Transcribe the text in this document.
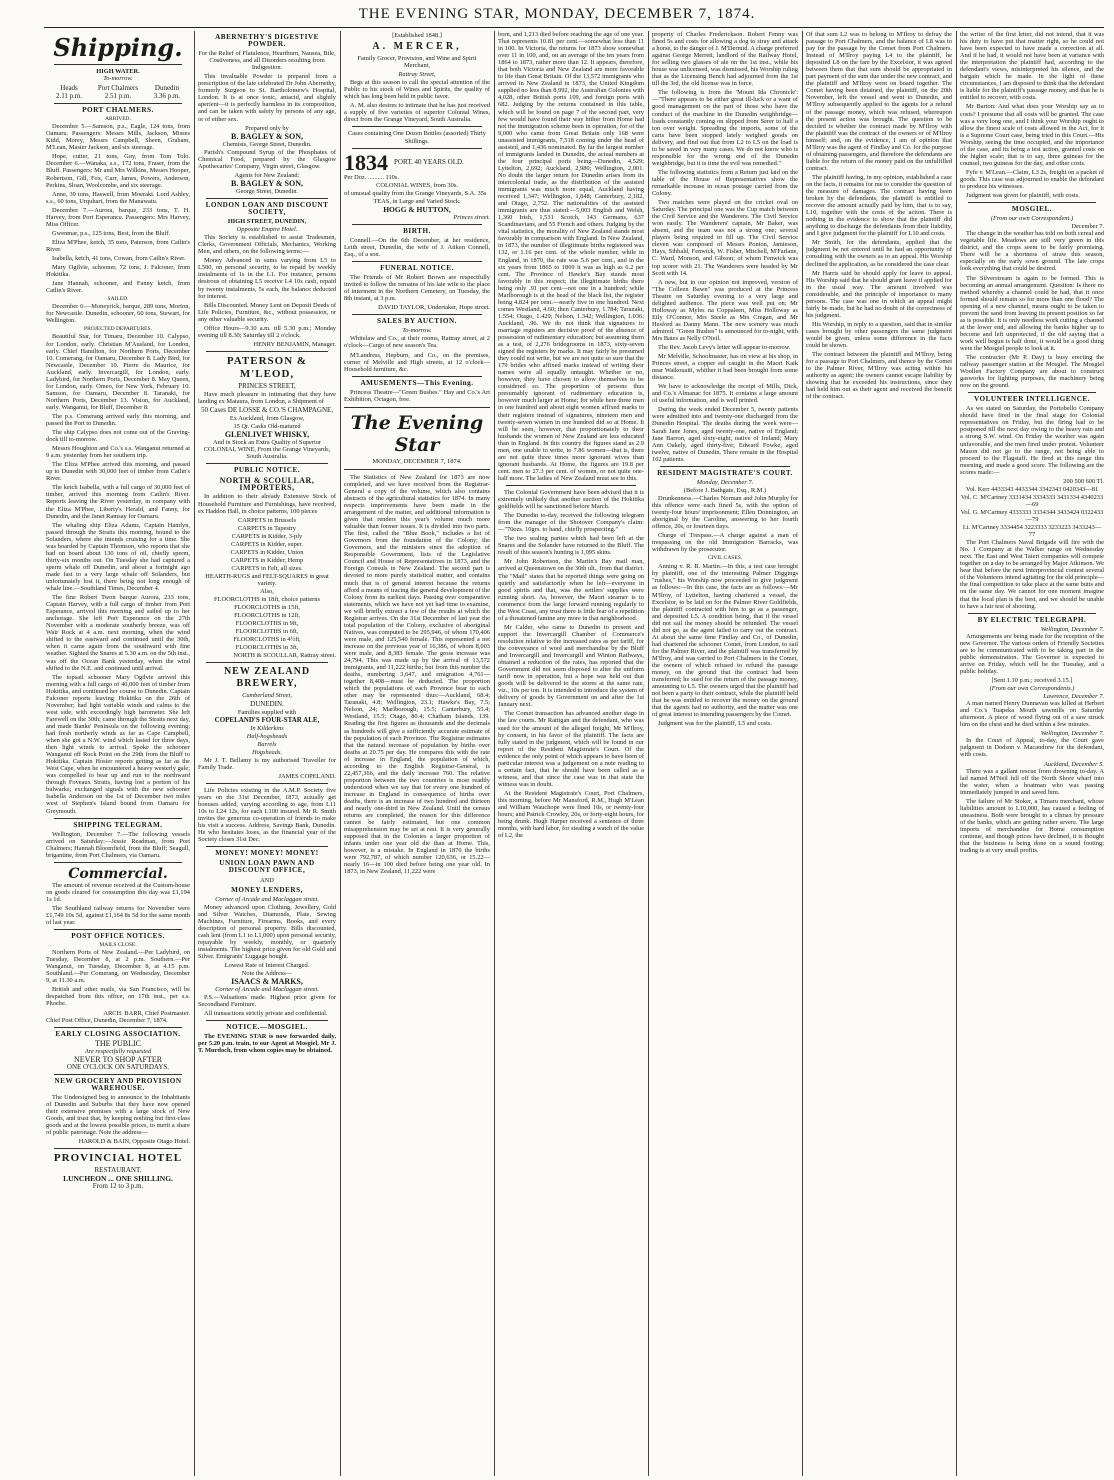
THE EVENING STAR, MONDAY, DECEMBER 7, 1874.
Shipping.
HIGH WATER.
To-morrow.
Heads
2.11 p.m.
Port Chalmers
2.51 p.m.
Dunedin
3.36 p.m.
PORT CHALMERS.
ARRIVED.

December 5.—Samson, p.s., Eagle, 124 tons, from Oamaru. Passengers: Messrs Mills, Jackson, Misses Kidd, Morey, Messrs Campbell, Sheen, Graham, M'Lean, Master Jackson, and six steerage.

Hope, cutter, 21 tons, Guy, from Tom Tolo. December 6.—Wanaka, s.s., 172 tons, Fraser, from the Bluff. Passengers: Mr and Mrs Wilkins, Messrs Hooper, Robertson, Gill, Fox, Carr, James, Powers, Anderson, Perkins, Sloan, Woolcombe, and six steerage.

Anne, 39 tons, Haswell, from Moeraki. Lord Ashley, s.s., 60 tons, Urquhart, from the Manawatu.

December 7.—Aurora, barque, 233 tons, T. H. Harvey, from Port Esperance. Passengers: Mrs Harvey, Miss Officer.

Gwenmar, p.s., 125 tons, Best, from the Bluff.

Eliza M'Phee, ketch, 35 tons, Paterson, from Catlin's River.

Isabella, ketch, 41 tons, Cowan, from Catlin's River.

Mary Ogilvie, schooner, 72 tons, J. Falconer, from Hokitika.

Jane Hannah, schooner, and Fanny ketch, from Catlin's River.

SAILED.

December 6.—Moneyrick, barque, 289 tons, Morton, for Newcastle. Dunedin, schooner, 60 tons, Stewart, for Wellington.

PROJECTED DEPARTURES.

Beautiful Star, for Timaru, December 10. Calypso, for London, early. Christian M'Ausland, for London, early. Chief Hamilton, for Northern Ports, December 10. Comerang, for Oamaru, December 8. Lady Bird, for Newcastle, December 10. Pierre du Maurice, for Auckland, early. Invercargill, for London, early. Ladybird, for Northern Ports, December 8. May Queen, for London, early. Omeo, for New York, February 10. Samson, for Oamaru, December 8. Taranaki, for Northern Ports, December 13. Vision, for Auckland, early. Wanganui, for Bluff, December 8.

The p.s. Comerang arrived early this morning, and passed the Port to Dunedin.

The ship Calypso does not come out of the Graving-dock till to-morrow.

Messrs Houghton and Co.'s s.s. Wanganui returned at 9 a.m. yesterday from her southern trip.

The Eliza M'Phee arrived this morning, and passed up to Dunedin with 30,000 feet of timber from Catlin's River.

The ketch Isabella, with a full cargo of 30,000 feet of timber, arrived this morning from Catlin's River. Reports leaving the River yesterday, in company with the Eliza M'Phee, Liberty's Herald, and Fanny, for Dunedin, and the Janet Ramsay for Oamaru.

The whaling ship Eliza Adams, Captain Hamlyn, passed through the Straits this morning, bound to the Solanders, where she intends cruising for a time. She was boarded by Captain Thomson, who reports that she had on board about 130 tons of oil, chiefly sperm, thirty-six months out. On Tuesday she had captured a sperm whale off Dunedin, and about a fortnight ago made fast to a very large whale off Solanders, but unfortunately lost it, there being not long enough of whale line.—Southland Times, December 4.

The fine Robert Twon barque Aurora, 233 tons, Captain Harvey, with a full cargo of timber from Port Esperance, arrived this morning and sailed up to her anchorage. She left Port Esperance on the 27th November with a moderate southerly breeze, was off Wair Rock at 4 a.m. next morning, when the wind shifted to the eastward and continued until the 30th, when it came again from the southward with fine weather. Sighted the Snares at 5.30 a.m. on the 5th inst., was off the Ocean Bank yesterday, when the wind shifted to the N.E. and continued until arrival.

The topsail schooner Mary Ogilvie arrived this morning with a full cargo of 40,000 feet of timber from Hokitika, and continued her course to Dunedin. Captain Falconer reports leaving Hokitika on the 26th of November; had light variable winds and calms to the west side, with exceedingly high barometer. She left Farewell on the 30th; came through the Straits next day, and made Banks' Peninsula on the following evening; had fresh northerly winds as far as Cape Campbell, when she got a N.W. wind which lasted for three days, then light winds to arrival. Spoke the schooner Wanganui off Rock Point on the 29th from the Bluff to Hokitika. Captain Hosier reports getting as far as the West Cape, when he encountered a heavy westerly gale; was compelled to bear up and run to the northward through Foveaux Straits, having lost a portion of his bulwarks; exchanged signals with the new schooner Isabella Anderson on the 1st of December two miles west of Stephen's Island bound from Oamaru for Greymouth.

SHIPPING TELEGRAM.

Wellington, December 7.—The following vessels arrived on Saturday:—Jessie Readman, from Port Chalmers; Hannah Bloomfield, from the Bluff; Seagull, brigantine, from Port Chalmers, via Oamaru.

Commercial.

The amount of revenue received at the Custom-house on goods cleared for consumption this day was £1,194 1s 1d.

The Southland railway returns for November were £1,749 10s 5d, against £1,164 8s 5d for the same month of last year.

POST OFFICE NOTICES.
MAILS CLOSE.

Northern Ports of New Zealand.—Per Ladybird, on Tuesday, December 8, at 2 p.m. Southern.—Per Wanganui, on Tuesday, December 8, at 4.15 p.m. Southland.—Per Comerang, on Wednesday, December 9, at 11.30 a.m.

British and other mails, via San Francisco, will be despatched from this office, on 17th inst., per s.s. Phoebe.

ARCH. BARR, Chief Postmaster.
Chief Post Office, Dunedin, December 7, 1874.
EARLY CLOSING ASSOCIATION.
THE PUBLIC
Are respectfully requested
NEVER TO SHOP AFTER
ONE O'CLOCK ON SATURDAYS.
NEW GROCERY AND PROVISION WAREHOUSE.

The Undersigned beg to announce to the Inhabitants of Dunedin and Suburbs that they have now opened their extensive premises with a large stock of New Goods, and trust that, by keeping nothing but first-class goods and at the lowest possible prices, to merit a share of public patronage. Note the address—

HAROLD & BAIN, Opposite Otago Hotel.
PROVINCIAL HOTEL
RESTAURANT.
LUNCHEON ... ONE SHILLING.
From 12 to 3 p.m.
ABERNETHY'S DIGESTIVE POWDER.

For the Relief of Flatulence, Heartburn, Nausea, Bile, Costiveness, and all Disorders resulting from Indigestion.

This invaluable Powder is prepared from a prescription of the late celebrated Dr John Abernethy, formerly Surgeon to St. Bartholomew's Hospital, London. It is at once tonic, antacid, and slightly aperient—it is perfectly harmless in its composition, and can be taken with safety by persons of any age, or of either sex.

Prepared only by
B. BAGLEY & SON,
Chemists, George Street, Dunedin.

Parish's Compound Syrup of the Phosphates of Chemical Food, prepared by the Glasgow Apothecaries' Company, Virgin street, Glasgow.

Agents for New Zealand:
B. BAGLEY & SON,
George Street, Dunedin.
LONDON LOAN AND DISCOUNT SOCIETY,
HIGH STREET, DUNEDIN,
Opposite Empire Hotel.

This Society is established to assist Tradesmen, Clerks, Government Officials, Mechanics, Working Men, and others, on the following terms:—

Money Advanced in sums varying from L5 to L500, on personal security, to be repaid by weekly instalments of 1s in the L1. For instance, persons desirous of obtaining L5 receive L4 10s cash, repaid by twenty instalments, 5s each, the balance deducted for interest.

Bills Discounted. Money Lent on Deposit Deeds of Life Policies, Furniture, &c., without possession, or any other valuable security.

Office Hours—9.30 a.m. till 5.30 p.m.; Monday evening till 8.30; Saturday till 2 o'clock.

HENRY BENJAMIN, Manager.
PATERSON & M'LEOD,
PRINCES STREET,

Have much pleasure in intimating that they have landing ex Mataura, from London, a Shipment of

50 Cases DE LOSSE & CO.'S CHAMPAGNE,
Ex Auckland, from Glasgow,
15 Qr. Casks Old-matured
GLENLIVET WHISKY,

And in Stock an Extra Quality of Superior COLONIAL WINE, From the Grange Vineyards, South Australia.

PUBLIC NOTICE.
NORTH & SCOULLAR, IMPORTERS,

In addition to their already Extensive Stock of Household Furniture and Furnishings, have received, ex Haddon Hall, in choice patterns, 100 pieces

CARPETS in Brussels
CARPETS in Tapestry
CARPETS in Kidder, 3-ply
CARPETS in Kidder, super.
CARPETS in Kidder, Union
CARPETS in Kidder, Hemp
CARPETS in Felt, all sizes.
HEARTH-RUGS and FELT-SQUARES in great variety.
Also,
FLOORCLOTHS in 18ft, choice patterns
FLOORCLOTHS in 15ft,
FLOORCLOTHS in 12ft,
FLOORCLOTHS in 9ft,
FLOORCLOTHS in 6ft,
FLOORCLOTHS in 4½ft,
FLOORCLOTHS in 3ft,
NORTH & SCOULLAR, Rattray street.
NEW ZEALAND BREWERY,
Cumberland Street,
DUNEDIN.
Families supplied with
COPELAND'S FOUR-STAR ALE,
In Kilderkins
Half-hogsheads
Barrels
Hogsheads.

Mr J. T. Bellamy is my authorised Traveller for Family Trade.

JAMES COPELAND.

Life Policies existing in the A.M.P. Society five years on the 31st December, 1873, actually get bonuses added, varying according to age, from L11 10s to L24 12s, for each L100 insured. Mr R. Smith invites the generous co-operation of friends to make his visit a success. Address, Savings Bank, Dunedin. He who hesitates loses, as the financial year of the Society closes 31st Dec.

MONEY! MONEY! MONEY!
UNION LOAN PAWN AND DISCOUNT OFFICE,
AND
MONEY LENDERS,
Corner of Arcade and Maclaggan street.

Money advanced upon Clothing, Jewellery, Gold and Silver Watches, Diamonds, Plate, Sewing Machines, Furniture, Firearms, Books, and every description of personal property. Bills discounted, cash lent (from L1 to L1,000) upon personal security, repayable by weekly, monthly, or quarterly instalments. The highest price given for old Gold and Silver. Emigrants' Luggage bought.

Lowest Rate of Interest Charged.
Note the Address—
ISAACS & MARKS,
Corner of Arcade and Maclaggan street.

P.S.—Valuations made. Highest price given for Secondhand Furniture.

All transactions strictly private and confidential.

NOTICE.—MOSGIEL.

The EVENING STAR is now forwarded daily, per 5.20 p.m. train, to our Agent at Mosgiel, Mr J. T. Murdoch, from whom copies may be obtained.

[Established 1848.]
A. MERCER,

Family Grocer, Provision, and Wine and Spirit Merchant,

Rattray Street,

Begs at this season to call the special attention of the Public to his stock of Wines and Spirits, the quality of which has long been held in public favor.

A. M. also desires to intimate that he has just received a supply of five varieties of superior Colonial Wines, direct from the Grange Vineyard, South Australia.

Cases containing One Dozen Bottles (assorted) Thirty Shillings.

1834 PORT. 40 YEARS OLD.
Per Doz. .......... 110s.
COLONIAL WINES, from 30s.
of unusual quality from the Grange Vineyards, S.A. 35s
TEAS, in Large and Varied Stock.
HOGG & HUTTON,
Princes street.
BIRTH.

Connell.—On the 6th December, at her residence, Leith street, Dunedin, the wife of J. Aitken Connell, Esq., of a son.

FUNERAL NOTICE.

The Friends of Mr Robert Brown are respectfully invited to follow the remains of his late wife to the place of interment in the Northern Cemetery, on Tuesday, the 8th instant, at 3 p.m.

DAVID TAYLOR, Undertaker, Hope street.
SALES BY AUCTION.
To-morrow.

Whitelaw and Co., at their rooms, Rattray street, at 2 o'clock—Cargo of new season's Tea.

M'Landress, Hepburn, and Co., on the premises, corner of Melville and High streets, at 12 o'clock—Household furniture, &c.

AMUSEMENTS—This Evening.

Princess Theatre—"Green Bushes." Hay and Co.'s Art Exhibition, Octagon, free.

The Evening Star
MONDAY, DECEMBER 7, 1874.

The Statistics of New Zealand for 1873 are now completed, and we have received from the Registrar-General a copy of the volume, which also contains abstracts of the agricultural statistics for 1874. In many respects improvements have been made in the arrangement of the matter, and additional information is given that renders this year's volume much more valuable than former issues. It is divided into two parts. The first, called the "Blue Book," includes a list of Governors from the foundation of the Colony; the Governors, and the ministers since the adoption of Responsible Government, lists of the Legislative Council and House of Representatives in 1873, and the Foreign Consuls in New Zealand. The second part is devoted to more purely statistical matter, and contains much that is of general interest because the returns afford a means of tracing the general development of the Colony from its earliest days. Passing over comparative statements, which we have not yet had time to examine, we will briefly extract a few of the results at which the Registrar arrives. On the 31st December of last year the total population of the Colony, exclusive of aboriginal Natives, was computed to be 295,946, of whom 170,406 were male, and 125,540 female. This represented a net increase on the previous year of 16,386, of whom 8,003 were male, and 8,383 female. The gross increase was 24,794. This was made up by the arrival of 13,572 immigrants, and 11,222 births; but from this number the deaths, numbering 3,647, and emigration 4,761—together 8,408—must be deducted. The proportion which the populations of each Province bear to each other may be represented thus:—Auckland, 68.4; Taranaki, 4.8; Wellington, 23.1; Hawke's Bay, 7.5; Nelson, 24; Marlborough, 15.5; Canterbury, 55.4; Westland, 15.5; Otago, 80.4; Chatham Islands, 139. Reading the first figures as thousands and the decimals as hundreds will give a sufficiently accurate estimate of the population of each Province. The Registrar estimates that the natural increase of population by births over deaths at 20.75 per day. He compares this with the rate of increase in England, the population of which, according to the English Registrar-General, is 22,457,366, and the daily increase 760. The relative proportion between the two countries is most readily understood when we say that for every one hundred of increase in England in consequence of births over deaths, there is an increase of two hundred and thirteen and nearly one-third in New Zealand. Until the census returns are completed, the reason for this difference cannot be fairly estimated, but one common misapprehension may be set at rest. It is very generally supposed that in the Colonies a larger proportion of infants under one year old die than at Home. This, however, is a mistake. In England in 1870 the births were 792,787, of which number 120,636, or 15.22—nearly 16—in 100 died before being one year old. In 1873, in New Zealand, 11,222 were

born, and 1,213 died before reaching the age of one year. That represents 10.81 per cent.—somewhat less than 11 in 100. In Victoria, the returns for 1873 show somewhat over 11 in 100, and, on an average of the ten years from 1864 to 1873, rather more than 12. It appears, therefore, that both Victoria and New Zealand are more favorable to life than Great Britain. Of the 13,572 immigrants who arrived in New Zealand in 1873, the United Kingdom supplied no less than 8,992, the Australian Colonies with 4,028, other British ports 109, and foreign ports with 682. Judging by the returns contained in this table, which will be found on page 7 of the second part, very few would have found their way hither from Home had not the immigration scheme been in operation, for of the 9,000 who came from Great Britain only 168 were unassisted immigrants, 7,518 coming under the head of assisted, and 1,436 nominated. By far the largest number of immigrants landed in Dunedin, the actual numbers at the four principal ports being—Dunedin, 4,529; Lyttelton, 2,692; Auckland, 2,980; Wellington, 2,001. No doubt the larger return for Dunedin arises from its intercolonial trade, as the distribution of the assisted immigrants was much more equal, Auckland having received 1,347; Wellington, 1,848; Canterbury, 2,182, and Otago, 2,752. The nationalities of the assisted immigrants are thus stated:—5,003 English and Welsh, 1,360 Irish, 1,531 Scotch, 143 Germans, 637 Scandinavians, and 55 French and others. Judging by the vital statistics, the morality of New Zealand stands most favorably in comparison with England. In New Zealand, in 1873, the number of illegitimate births registered was 132, or 1.16 per cent. of the whole number, while in England, in 1870, the rate was 5.6 per cent., and in the six years from 1865 to 1869 it was as high as 6.2 per cent. The Province of Hawke's Bay stands most favorably in this respect; the illegitimate births there being only .91 per cent—not one in a hundred; while Marlborough is at the head of the black list, the register being 4.824 per cent.—nearly five in one hundred. Next comes Westland, 4.60; then Canterbury, 1.784; Taranaki, 1.554; Otago, 1.429; Nelson, 1.342; Wellington, 1.036; Auckland, .96. We do not think that signatures to marriage registers are decisive proof of the absence of possession of rudimentary education; but assuming them as a test, of 2,276 bridegrooms in 1873, sixty-seven signed the registers by marks. It may fairly be presumed they could not write, but we are not quite so sure that the 179 brides who affixed marks instead of writing their names were all equally untaught. Whether or no, however, they have chosen to allow themselves to be considered so. The proportion of persons thus presumably ignorant of rudimentary education is, however much larger at Home; for while here three men in one hundred and about eight women affixed marks to their registers instead of signatures, nineteen men and twenty-seven women in one hundred did so at Home. It will be seen, however, that proportionately to their husbands the women of New Zealand are less educated than in England. In this country the figures stand as 2.9 men, one unable to write, to 7.86 women—that is, there are not quite three times more ignorant wives than ignorant husbands. At Home, the figures are 19.8 per cent. men to 27.3 per cent. of women, or not quite one-half more. The ladies of New Zealand must see to this.

The Colonial Government have been advised that it is extremely unlikely that another suction of the Hokitika goldfields will be sanctioned before March.

The Dunedin to-day, received the following telegram from the manager of the Shotover Company's claim:—"70ozs. 10grs. to hand, chiefly prospecting."

The two sealing parties which had been left at the Snares and the Solander have returned to the Bluff. The result of this season's hunting is 1,095 skins.

Mr John Robertson, the Martin's Bay mail man, arrived at Queenstown on the 30th ult., from that district. The "Mail" states that he reported things were going on quietly and satisfactorily when he left—everyone in good spirits and that, was the settlers' supplies were running short. As, however, the Maori steamer is to commence from the large forward running regularly to the West Coast, any trust there is little fear of a repetition of a threatened famine any more in that neighborhood.

Mr Calder, who came to Dunedin to present and support the Invercargill Chamber of Commerce's resolution relative to the increased rates as per tariff, for the conveyance of wool and merchandise by the Bluff and Invercargill and Invercargill and Winton Railways, obtained a reduction of the rates, has reported that the Government did not seem disposed to alter the uniform tariff now in operation, but a hope was held out that goods will be delivered to the stores at the same rate, viz., 10s per ton. It is intended to introduce the system of delivery of goods by Government on and after the 1st January next.

The Comet transaction has advanced another stage in the law courts. Mr Rattigan and the defendant, who was sued for the amount of the alleged freight, Mr M'Ilroy, by consent, in his favor of the plaintiff. The facts are fully stated in the judgment, which will be found in our report of the Resident Magistrate's Court. Of the evidence the only point of which appears to have been of particular interest was a judgement on a note reading to a certain fact, that he should have been called as a witness, and that since the case was in that state the witness was in doubt.

At the Resident Magistrate's Court, Port Chalmers, this morning, before Mr Mansford, R.M., Hugh M'Lean and William Wauchope were fined 10s, or twenty-four hours; and Patrick Crowley, 20s, or forty-eight hours, for being drunk. Hugh Harper received a sentence of three months, with hard labor, for stealing a watch of the value of L2, the

property of Charles Frederickson. Robert Fenny was fined 5s and costs for allowing a dog to stray and attack a horse, to the danger of J. M'Dermid. A charge preferred against George Merrett, landlord of the Railway Hotel, for selling two glasses of ale on the 1st inst., while his house was unlicensed, was dismissed, his Worship ruling that as the Licensing Bench had adjourned from the 1st till the 3rd, the old license was in force.

The following is from the 'Mount Ida Chronicle':—"There appears to be either great ill-luck or a want of good management on the part of those who have the conduct of the machine in the Dunedin weighbridge—loads constantly coming on slipped from Serer to half a ton over weight. Spreading the imports, some of the carts have been stopped lately weighed goods on delivery, and find out that from L2 to L5 on the load is to be saved in very many cases. We do not know who is responsible for the wrong end of the Dunedin weighbridge, but it is time the evil was remedied."

The following statistics from a Return just laid on the table of the House of Representatives show the remarkable increase in ocean postage carried from the Colony.

Two matches were played on the cricket oval on Saturday. The principal one was the Cup match between the Civil Service and the Wanderers. The Civil Service won easily. The Wanderers' captain, Mr Baker, was absent, and the team was not a strong one; several players being required to fill up. The Civil Service eleven was composed of Messrs Ponton, Jamieson, Hays, Sibbald, Fenwick, W. Fisher, Mitchell, M'Farlane, C. Ward, Monson, and Gibson; of whom Fenwick was top scorer with 21. The Wanderers were headed by Mr Scott with 14.

A new, but in our opinion not improved, version of "The Colleen Bawn" was produced at the Princess Theatre on Saturday evening to a very large and delighted audience. The piece was well put on; Mr Holloway as Myles na Coppaleen, Miss Holloway as Eily O'Connor, Mrs Steele as Mrs Cregan, and Mr Hesford as Danny Mann. The new scenery was much admired. "Green Bushes" is announced for to-night, with Mrs Bates as Nelly O'Neil.

The Rev. Jacob Levy's letter will appear to-morrow.

Mr Melville, Schoolmaster, has on view at his shop, in Princes street, a copper eel caught in the Maori Kaik near Waikouaiti, whither it had been brought from some distance.

We have to acknowledge the receipt of Mills, Dick, and Co.'s Almanac for 1875. It contains a large amount of useful information, and is well printed.

During the week ended December 5, twenty patients were admitted into and twenty-one discharged from the Dunedin Hospital. The deaths during the week were—Sarah Jane Jones, aged twenty-one, native of England; Jane Barron, aged sixty-eight, native of Ireland; Mary Ann Oakely, aged thirty-five; Edward Fowke, aged twelve, native of Dunedin. There remain in the Hospital 102 patients.

RESIDENT MAGISTRATE'S COURT.
Monday, December 7.
(Before J. Bathgate, Esq., R.M.)

Drunkenness.—Charles Norman and John Murphy for this offence were each fined 5s, with the option of twenty-four hours' imprisonment; Ellen Donnington, an aboriginal by the Caroline, answering to her fourth offence, 20s, or fourteen days.

Charge of Trespass.—A charge against a man of trespassing on the old Immigration Barracks, was withdrawn by the prosecutor.

CIVIL CASES.

Anning v. R. B. Martin.—In this, a test case brought by plaintiff, one of the interesting Palmer Diggings "rushes," his Worship now proceeded to give judgment as follows:—In this case, the facts are as follows:—Mr M'Ilroy, of Lyttelton, having chartered a vessel, the Excelsior, to be laid on for the Palmer River Goldfields, the plaintiff contracted with him to go as a passenger, and deposited L5. A condition being, that if the vessel did not sail the money should be refunded. The vessel did not go, as the agent failed to carry out the contract. At about the same time Findlay and Co., of Dunedin, had chartered the schooner Comet, from London, to sail for the Palmer River, and the plaintiff was transferred by M'Ilroy, and was carried to Port Chalmers in the Comet, the owners of which refused to refund the passage money, on the ground that the contract had been transferred; he sued for the return of the passage money, amounting to L5. The owners urged that the plaintiff had not been a party to their contract, while the plaintiff held that he was entitled to recover the money on the ground that the agents had no authority, and the matter was one of great interest to intending passengers by the Comet.

Judgment was for the plaintiff, L5 and costs.

Of that sum L2 was to belong to M'Ilroy to defray the passage to Port Chalmers, and the balance of L8 was to pay for the passage by the Comet from Port Chalmers. Instead of M'Ilroy paying L4 to the plaintiff, he deposited L8 on the fare by the Excelsior, it was agreed between them that that sum should be appropriated in part payment of the sum due under the new contract, and the plaintiff and M'Ilroy went on board together. The Comet having been detained, the plaintiff, on the 20th November, left the vessel and went to Dunedin, and M'Ilroy subsequently applied to the agents for a refund of the passage money, which was refused, whereupon the present action was brought. The question to be decided is whether the contract made by M'Ilroy with the plaintiff was the contract of the owners or of M'Ilroy himself; and, on the evidence, I am of opinion that M'Ilroy was the agent of Findlay and Co. for the purpose of obtaining passengers, and therefore the defendants are liable for the return of the money paid on the unfulfilled contract.

The plaintiff having, in my opinion, established a case on the facts, it remains for me to consider the question of the measure of damages. The contract having been broken by the defendants, the plaintiff is entitled to recover the amount actually paid by him, that is to say, L10, together with the costs of the action. There is nothing in the evidence to show that the plaintiff did anything to discharge the defendants from their liability, and I give judgment for the plaintiff for L10 and costs.

Mr Smith, for the defendants, applied that the judgment be not entered until he had an opportunity of consulting with the owners as to an appeal. His Worship declined the application, as he considered the case clear.

Mr Harris said he should apply for leave to appeal. His Worship said that he should grant leave if applied for in the usual way. The amount involved was considerable, and the principle of importance to many persons. The case was one in which an appeal might fairly be made, but he had no doubt of the correctness of his judgment.

His Worship, in reply to a question, said that in similar cases brought by other passengers the same judgment would be given, unless some difference in the facts could be shown.

The contract between the plaintiff and M'Ilroy, being for a passage to Port Chalmers, and thence by the Comet to the Palmer River, M'Ilroy was acting within his authority as agent; the owners cannot escape liability by showing that he exceeded his instructions, since they had held him out as their agent and received the benefit of the contract.

the writer of the first letter, did not intend, that it was his duty to have put that matter right, so he could not have been expected to have made a correction at all. And if he had, it would not have been at variance with the interpretation the plaintiff had, according to the defendant's views, misinterpreted his silence, and the bargain which he made. In the light of these circumstances, I am disposed to think that the defendant is liable for the plaintiff's passage money, and that he is entitled to recover, with costs.

Mr Barton: And what does your Worship say as to costs? I presume that all costs will be granted. The case was a very long one, and I think your Worship ought to allow the finest scale of costs allowed in the Act, for it is a Supreme Court case, being tried in this Court.—His Worship, seeing the time occupied, and the importance of the case, and its being a test action, granted costs on the higher scale; that is to say, three guineas for the counsel, two guineas for the day, and other costs.

Fyfe v. M'Lean.—Claim, L3 2s, freight on a packet of goods. This case was adjourned to enable the defendant to produce his witnesses.

Judgment was given for plaintiff, with costs.

MOSGIEL.
(From our own Correspondent.)
December 7.

The change in the weather has told on both cereal and vegetable life. Meadows are still very green in this district, and the crops seem to be fairly promising. There will be a shortness of straw this season, especially on the early sown ground. The late crops look everything that could be desired.

The Silverstream is again to be formed. This is becoming an annual arrangement. Question: Is there no method whereby a channel could be had, that it once formed should remain so for more than one flood? The opening of a new channel, means ought to be taken to prevent the sand from leaving its present position so far as is possible. It is only needless work cutting a channel at the lower end, and allowing the banks higher up to become and left unprotected, if the old saying that a work well begun is half done, it would be a good thing were the Mosgiel people to look at it.

The contractor (Mr P. Day) is busy erecting the railway passenger station at the Mosgiel. The Mosgiel Woollen Factory Company are about to construct gasworks for lighting purposes, the machinery being now on the ground.

VOLUNTEER INTELLIGENCE.

As we stated on Saturday, the Portobello Company should have fired in the final stage for Colonial representatives on Friday, but the firing had to be postponed till the next day owing to the heavy rain and a strong S.W. wind. On Friday the weather was again unfavorable, and the men fired under protest. Volunteer Mason did not go to the range, not being able to proceed to the Flagstaff. He fired at this range this morning, and made a good score. The following are the scores made:—

200 500 600 Tl.
Vol. Kerr 4433343 4433344 3342343 0420343—81
Vol. C. M'Cartney 3331434 3334333 3431334 4340233—69
Vol. G. M'Cartney 4333333 3334344 3433424 0322433—79
Lt. M'Cartney 3334454 3223333 3233223 3433243—77

The Port Chalmers Naval Brigade will fire with the No. 1 Company at the Walker range on Wednesday next. The East and West Taieri companies will compete together on a day to be arranged by Major Atkinson. We hear that before the next Interprovincial contest several of the Volunteers intend agitating for the old principle—the final competition to take place at the same butts and on the same day. We cannot for one moment imagine that the local plan is the best, and we should be unable to have a fair test of shooting.

BY ELECTRIC TELEGRAPH.
Wellington, December 7.

Arrangements are being made for the reception of the new Governor. The various orders of Friendly Societies are to be communicated with to be taking part in the public demonstration. The Governor is expected to arrive on Friday, which will be the Tuesday, and a public holiday.

[Sent 1.10 p.m.; received 3.15.]
(From our own Correspondents.)
Lawrence, December 7.

A man named Henry Dunnavan was killed at Herbert and Co.'s Tuapeka Mouth sawmills on Saturday afternoon. A piece of wood flying out of a saw struck him on the chest and he died within a few minutes.

Wellington, December 7.

In the Court of Appeal, to-day, the Court gave judgment in Dodson v. Macandrew for the defendant, with costs.

Auckland, December 5.

There was a gallant rescue from drowning to-day. A lad named M'Neil fell off the North Shore wharf into the water, when a boatman who was passing immediately jumped in and saved him.

The failure of Mr Stoker, a Timaru merchant, whose liabilities amount to L10,000, has caused a feeling of uneasiness. Both were brought to a climax by pressure of the banks, which are getting rather severe. The large imports of merchandise for Home consumption continue, and though prices have declined, it is thought that the business is being done on a sound footing; trading is at very small profits.
